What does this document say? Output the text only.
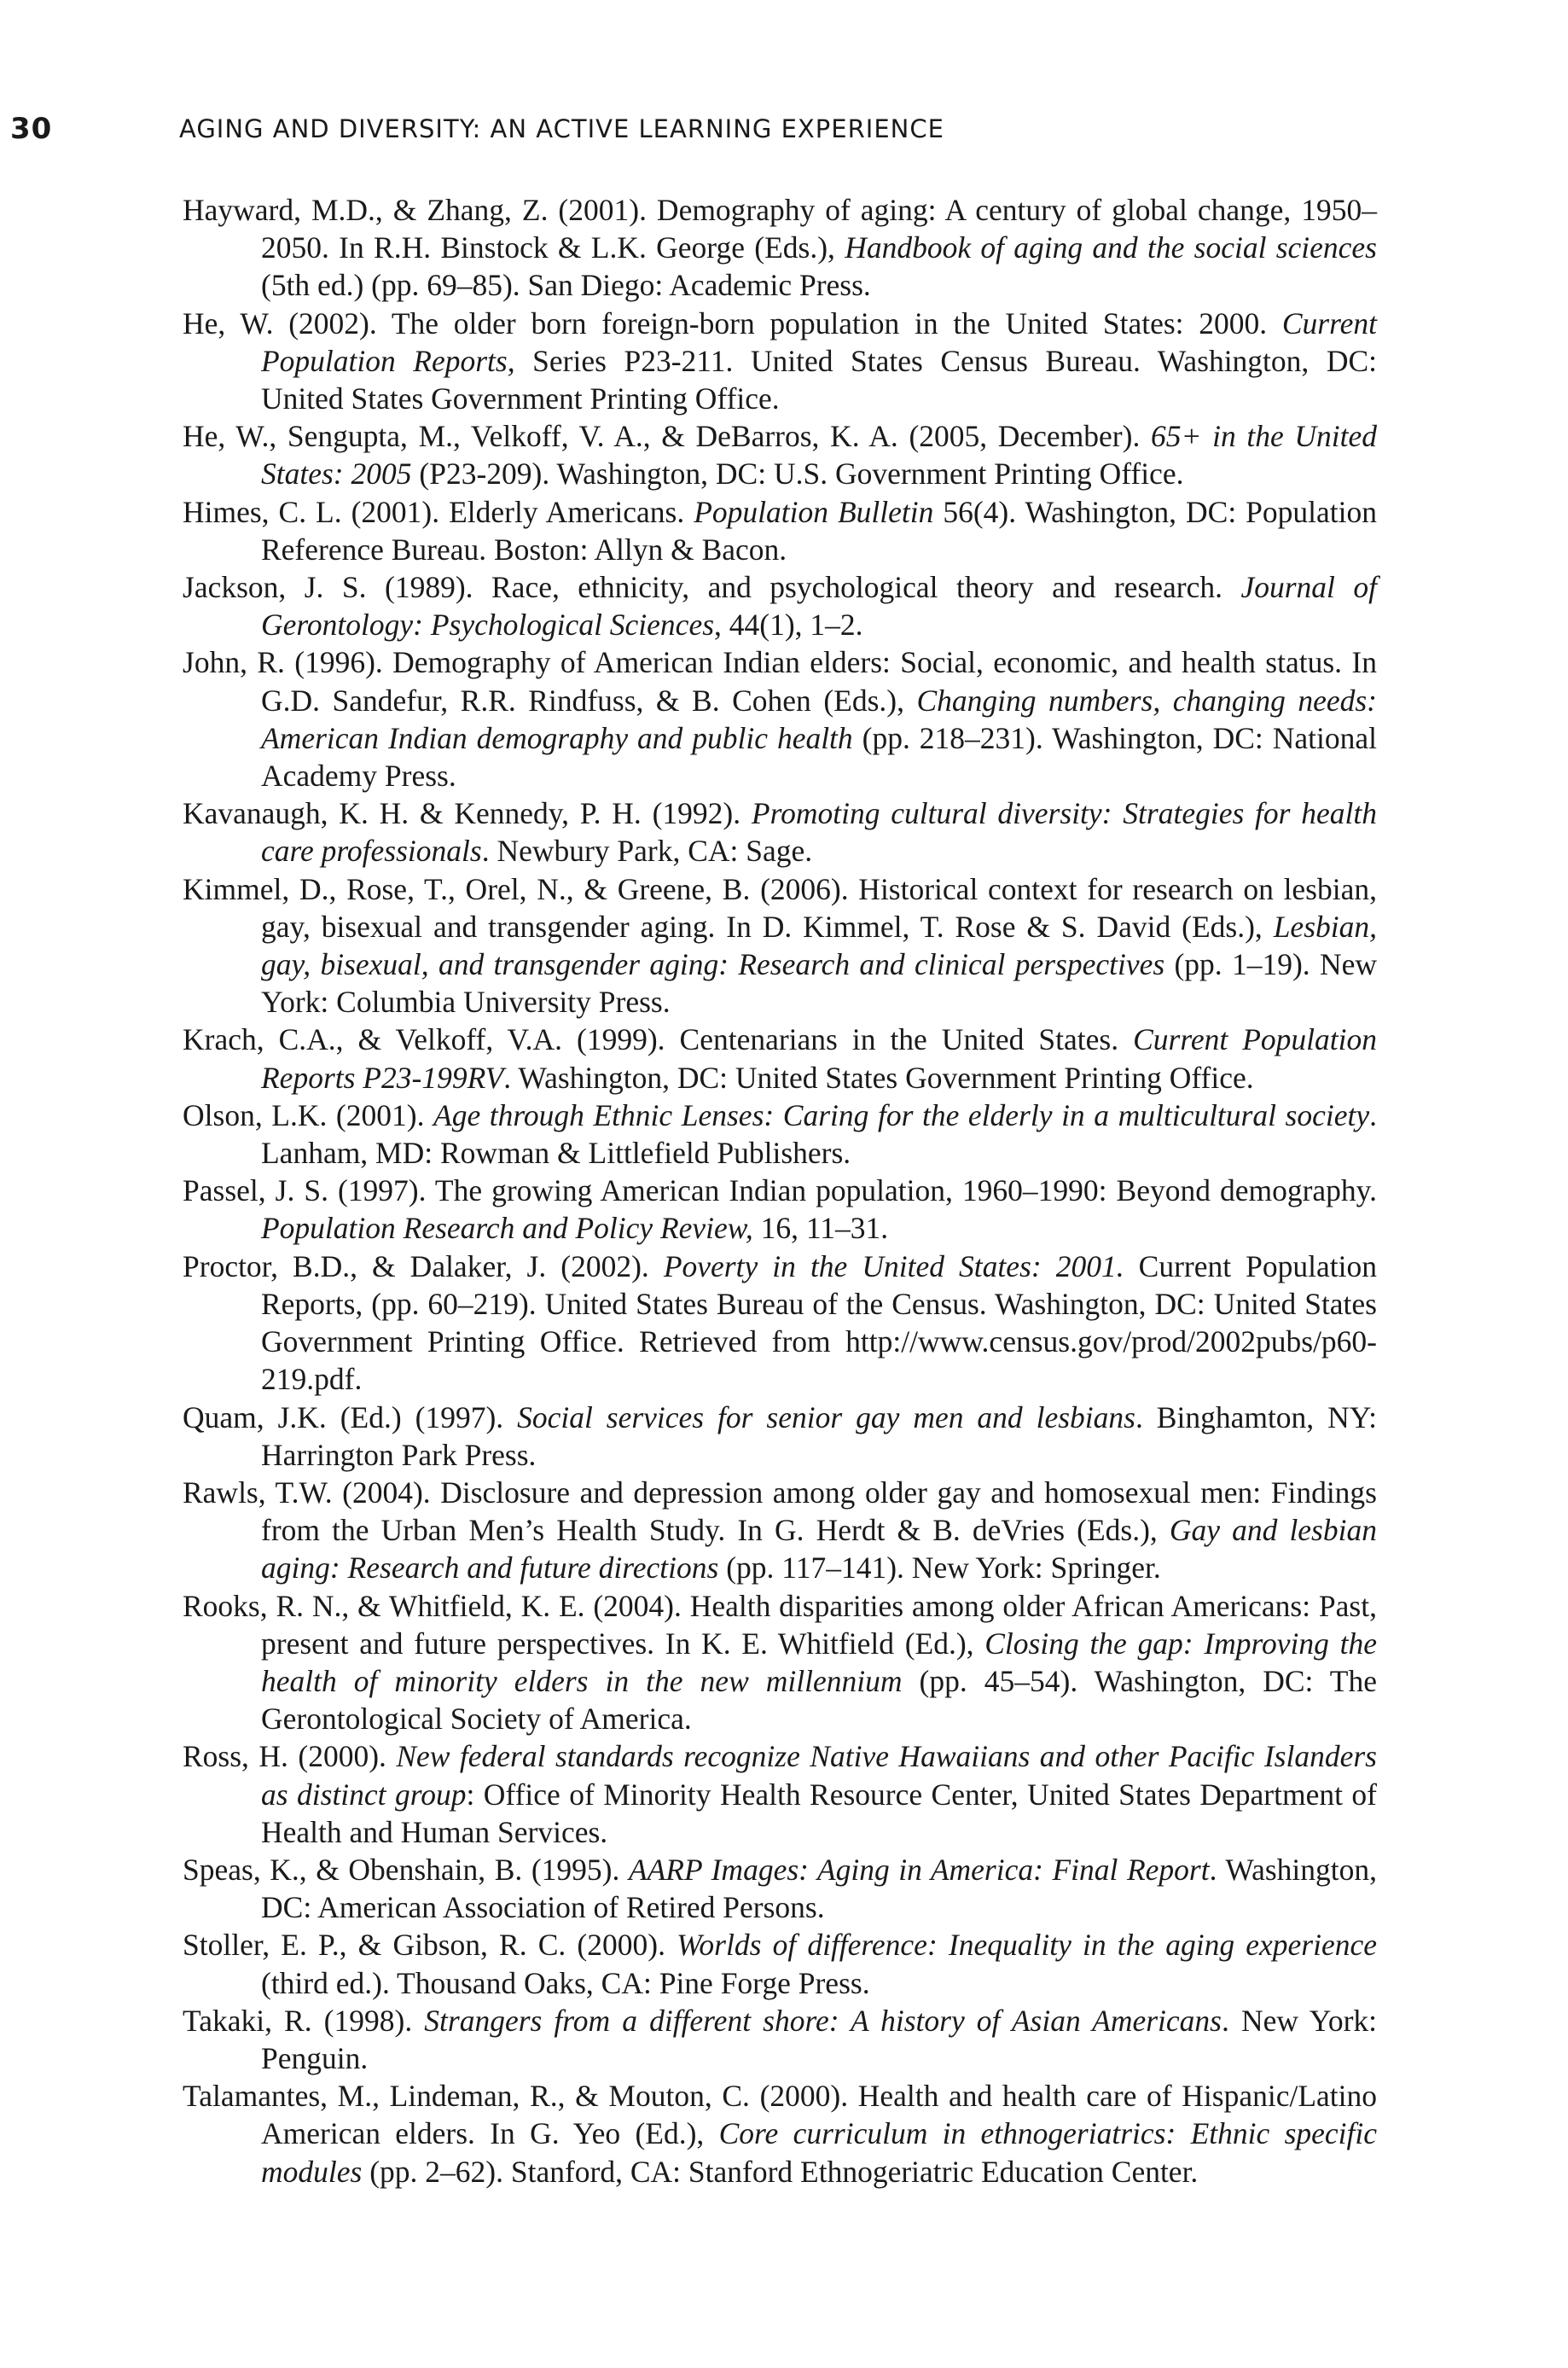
30	AGING AND DIVERSITY: AN ACTIVE LEARNING EXPERIENCE

Hayward, M.D., & Zhang, Z. (2001). Demography of aging: A century of global change, 1950–2050. In R.H. Binstock & L.K. George (Eds.), Handbook of aging and the social sciences (5th ed.) (pp. 69–85). San Diego: Academic Press.

He, W. (2002). The older born foreign-born population in the United States: 2000. Current Population Reports, Series P23-211. United States Census Bureau. Washington, DC: United States Government Printing Office.

He, W., Sengupta, M., Velkoff, V. A., & DeBarros, K. A. (2005, December). 65+ in the United States: 2005 (P23-209). Washington, DC: U.S. Government Printing Office.

Himes, C. L. (2001). Elderly Americans. Population Bulletin 56(4). Washington, DC: Population Reference Bureau. Boston: Allyn & Bacon.

Jackson, J. S. (1989). Race, ethnicity, and psychological theory and research. Journal of Gerontology: Psychological Sciences, 44(1), 1–2.

John, R. (1996). Demography of American Indian elders: Social, economic, and health status. In G.D. Sandefur, R.R. Rindfuss, & B. Cohen (Eds.), Changing numbers, changing needs: American Indian demography and public health (pp. 218–231). Washington, DC: National Academy Press.

Kavanaugh, K. H. & Kennedy, P. H. (1992). Promoting cultural diversity: Strategies for health care professionals. Newbury Park, CA: Sage.

Kimmel, D., Rose, T., Orel, N., & Greene, B. (2006). Historical context for research on lesbian, gay, bisexual and transgender aging. In D. Kimmel, T. Rose & S. David (Eds.), Lesbian, gay, bisexual, and transgender aging: Research and clinical perspectives (pp. 1–19). New York: Columbia University Press.

Krach, C.A., & Velkoff, V.A. (1999). Centenarians in the United States. Current Population Reports P23-199RV. Washington, DC: United States Government Printing Office.

Olson, L.K. (2001). Age through Ethnic Lenses: Caring for the elderly in a multicultural society. Lanham, MD: Rowman & Littlefield Publishers.

Passel, J. S. (1997). The growing American Indian population, 1960–1990: Beyond demography. Population Research and Policy Review, 16, 11–31.

Proctor, B.D., & Dalaker, J. (2002). Poverty in the United States: 2001. Current Population Reports, (pp. 60–219). United States Bureau of the Census. Washington, DC: United States Government Printing Office. Retrieved from http://www.census.gov/prod/2002pubs/p60-219.pdf.

Quam, J.K. (Ed.) (1997). Social services for senior gay men and lesbians. Binghamton, NY: Harrington Park Press.

Rawls, T.W. (2004). Disclosure and depression among older gay and homosexual men: Findings from the Urban Men’s Health Study. In G. Herdt & B. deVries (Eds.), Gay and lesbian aging: Research and future directions (pp. 117–141). New York: Springer.

Rooks, R. N., & Whitfield, K. E. (2004). Health disparities among older African Americans: Past, present and future perspectives. In K. E. Whitfield (Ed.), Closing the gap: Improving the health of minority elders in the new millennium (pp. 45–54). Washington, DC: The Gerontological Society of America.

Ross, H. (2000). New federal standards recognize Native Hawaiians and other Pacific Islanders as distinct group: Office of Minority Health Resource Center, United States Department of Health and Human Services.

Speas, K., & Obenshain, B. (1995). AARP Images: Aging in America: Final Report. Washington, DC: American Association of Retired Persons.

Stoller, E. P., & Gibson, R. C. (2000). Worlds of difference: Inequality in the aging experience (third ed.). Thousand Oaks, CA: Pine Forge Press.

Takaki, R. (1998). Strangers from a different shore: A history of Asian Americans. New York: Penguin.

Talamantes, M., Lindeman, R., & Mouton, C. (2000). Health and health care of Hispanic/Latino American elders. In G. Yeo (Ed.), Core curriculum in ethnogeriatrics: Ethnic specific modules (pp. 2–62). Stanford, CA: Stanford Ethnogeriatric Education Center.
